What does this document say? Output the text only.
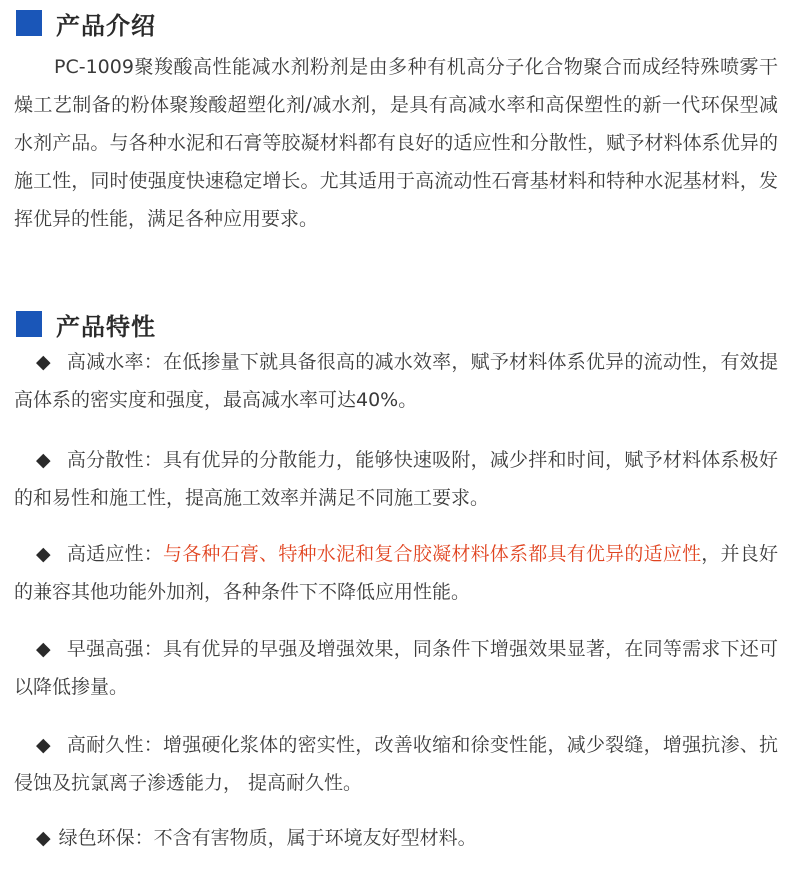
产品介绍

PC-1009聚羧酸高性能减水剂粉剂是由多种有机高分子化合物聚合而成经特殊喷雾干燥工艺制备的粉体聚羧酸超塑化剂/减水剂，是具有高减水率和高保塑性的新一代环保型减水剂产品。与各种水泥和石膏等胶凝材料都有良好的适应性和分散性，赋予材料体系优异的施工性，同时使强度快速稳定增长。尤其适用于高流动性石膏基材料和特种水泥基材料，发挥优异的性能，满足各种应用要求。

产品特性

◆ 高减水率：在低掺量下就具备很高的减水效率，赋予材料体系优异的流动性，有效提高体系的密实度和强度，最高减水率可达40%。

◆ 高分散性：具有优异的分散能力，能够快速吸附，减少拌和时间，赋予材料体系极好的和易性和施工性，提高施工效率并满足不同施工要求。

◆ 高适应性：与各种石膏、特种水泥和复合胶凝材料体系都具有优异的适应性，并良好的兼容其他功能外加剂，各种条件下不降低应用性能。

◆ 早强高强：具有优异的早强及增强效果，同条件下增强效果显著，在同等需求下还可以降低掺量。

◆ 高耐久性：增强硬化浆体的密实性，改善收缩和徐变性能，减少裂缝，增强抗渗、抗侵蚀及抗氯离子渗透能力， 提高耐久性。

◆ 绿色环保：不含有害物质，属于环境友好型材料。
